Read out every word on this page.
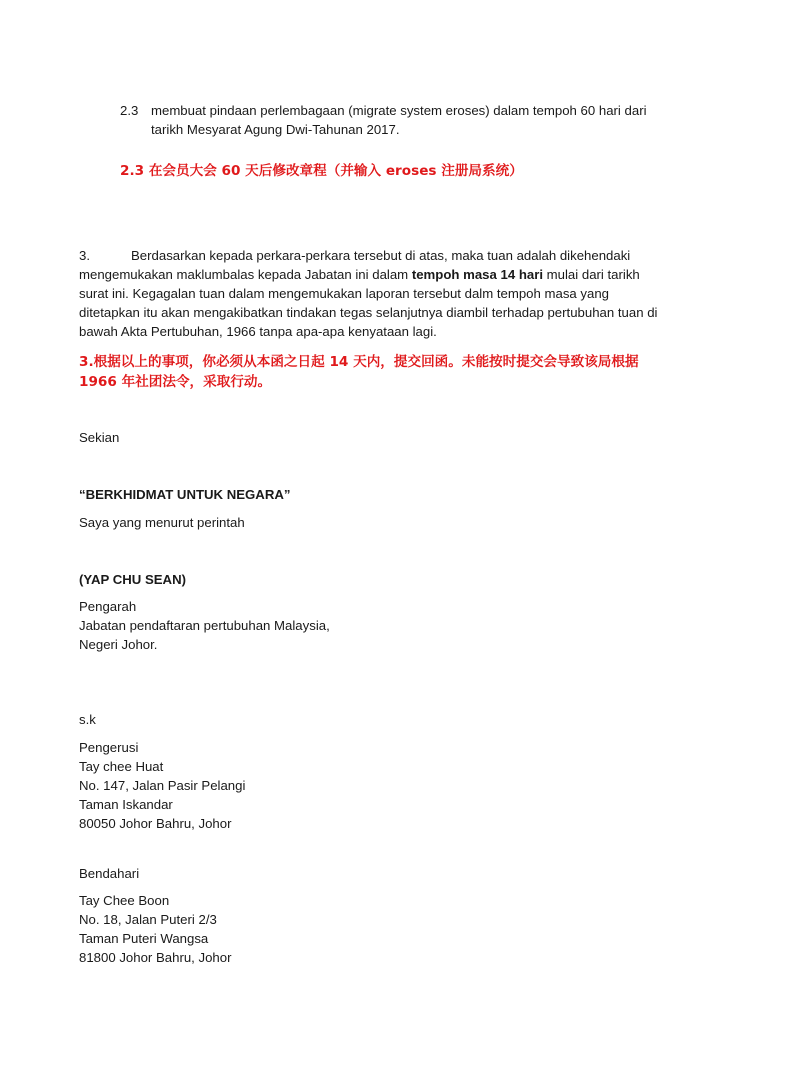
2.3 membuat pindaan perlembagaan (migrate system eroses) dalam tempoh 60 hari dari
tarikh Mesyarat Agung Dwi-Tahunan 2017.
2.3 在会员大会 60 天后修改章程（并输入 eroses 注册局系统）
3.	Berdasarkan kepada perkara-perkara tersebut di atas, maka tuan adalah dikehendaki
mengemukakan maklumbalas kepada Jabatan ini dalam tempoh masa 14 hari mulai dari tarikh
surat ini. Kegagalan tuan dalam mengemukakan laporan tersebut dalm tempoh masa yang
ditetapkan itu akan mengakibatkan tindakan tegas selanjutnya diambil terhadap pertubuhan tuan di
bawah Akta Pertubuhan, 1966 tanpa apa-apa kenyataan lagi.
3.根据以上的事项，你必须从本函之日起 14 天内，提交回函。未能按时提交会导致该局根据
1966 年社团法令，采取行动。
Sekian
“BERKHIDMAT UNTUK NEGARA”
Saya yang menurut perintah
(YAP CHU SEAN)
Pengarah
Jabatan pendaftaran pertubuhan Malaysia,
Negeri Johor.
s.k
Pengerusi
Tay chee Huat
No. 147, Jalan Pasir Pelangi
Taman Iskandar
80050 Johor Bahru, Johor
Bendahari
Tay Chee Boon
No. 18, Jalan Puteri 2/3
Taman Puteri Wangsa
81800 Johor Bahru, Johor
